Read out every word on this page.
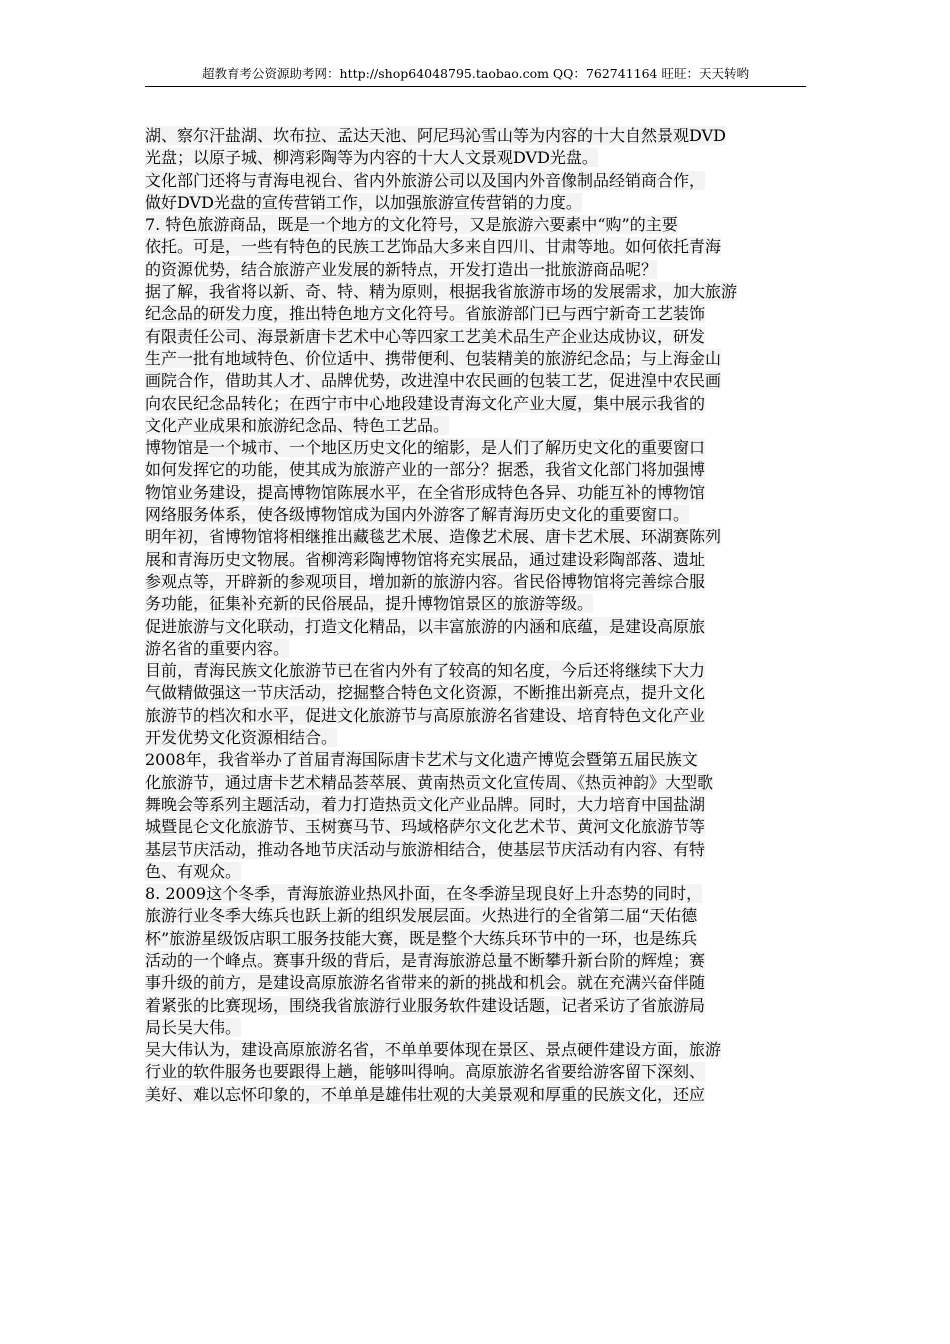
超教育考公资源助考网：http://shop64048795.taobao.com QQ：762741164 旺旺：天天转哟
湖、察尔汗盐湖、坎布拉、孟达天池、阿尼玛沁雪山等为内容的十大自然景观DVD
光盘；以原子城、柳湾彩陶等为内容的十大人文景观DVD光盘。
文化部门还将与青海电视台、省内外旅游公司以及国内外音像制品经销商合作，
做好DVD光盘的宣传营销工作，以加强旅游宣传营销的力度。
7. 特色旅游商品，既是一个地方的文化符号，又是旅游六要素中“购”的主要
依托。可是，一些有特色的民族工艺饰品大多来自四川、甘肃等地。如何依托青海
的资源优势，结合旅游产业发展的新特点，开发打造出一批旅游商品呢？
据了解，我省将以新、奇、特、精为原则，根据我省旅游市场的发展需求，加大旅游
纪念品的研发力度，推出特色地方文化符号。省旅游部门已与西宁新奇工艺装饰
有限责任公司、海景新唐卡艺术中心等四家工艺美术品生产企业达成协议，研发
生产一批有地域特色、价位适中、携带便利、包装精美的旅游纪念品；与上海金山
画院合作，借助其人才、品牌优势，改进湟中农民画的包装工艺，促进湟中农民画
向农民纪念品转化；在西宁市中心地段建设青海文化产业大厦，集中展示我省的
文化产业成果和旅游纪念品、特色工艺品。
博物馆是一个城市、一个地区历史文化的缩影，是人们了解历史文化的重要窗口
如何发挥它的功能，使其成为旅游产业的一部分？据悉，我省文化部门将加强博
物馆业务建设，提高博物馆陈展水平，在全省形成特色各异、功能互补的博物馆
网络服务体系，使各级博物馆成为国内外游客了解青海历史文化的重要窗口。
明年初，省博物馆将相继推出藏毯艺术展、造像艺术展、唐卡艺术展、环湖赛陈列
展和青海历史文物展。省柳湾彩陶博物馆将充实展品，通过建设彩陶部落、遗址
参观点等，开辟新的参观项目，增加新的旅游内容。省民俗博物馆将完善综合服
务功能，征集补充新的民俗展品，提升博物馆景区的旅游等级。
促进旅游与文化联动，打造文化精品，以丰富旅游的内涵和底蕴，是建设高原旅
游名省的重要内容。
目前，青海民族文化旅游节已在省内外有了较高的知名度，今后还将继续下大力
气做精做强这一节庆活动，挖掘整合特色文化资源，不断推出新亮点，提升文化
旅游节的档次和水平，促进文化旅游节与高原旅游名省建设、培育特色文化产业
开发优势文化资源相结合。
2008年，我省举办了首届青海国际唐卡艺术与文化遗产博览会暨第五届民族文
化旅游节，通过唐卡艺术精品荟萃展、黄南热贡文化宣传周、《热贡神韵》大型歌
舞晚会等系列主题活动，着力打造热贡文化产业品牌。同时，大力培育中国盐湖
城暨昆仑文化旅游节、玉树赛马节、玛域格萨尔文化艺术节、黄河文化旅游节等
基层节庆活动，推动各地节庆活动与旅游相结合，使基层节庆活动有内容、有特
色、有观众。
8. 2009这个冬季，青海旅游业热风扑面，在冬季游呈现良好上升态势的同时，
旅游行业冬季大练兵也跃上新的组织发展层面。火热进行的全省第二届“天佑德
杯”旅游星级饭店职工服务技能大赛，既是整个大练兵环节中的一环，也是练兵
活动的一个峰点。赛事升级的背后，是青海旅游总量不断攀升新台阶的辉煌；赛
事升级的前方，是建设高原旅游名省带来的新的挑战和机会。就在充满兴奋伴随
着紧张的比赛现场，围绕我省旅游行业服务软件建设话题，记者采访了省旅游局
局长吴大伟。
吴大伟认为，建设高原旅游名省，不单单要体现在景区、景点硬件建设方面，旅游
行业的软件服务也要跟得上趟，能够叫得响。高原旅游名省要给游客留下深刻、
美好、难以忘怀印象的，不单单是雄伟壮观的大美景观和厚重的民族文化，还应
